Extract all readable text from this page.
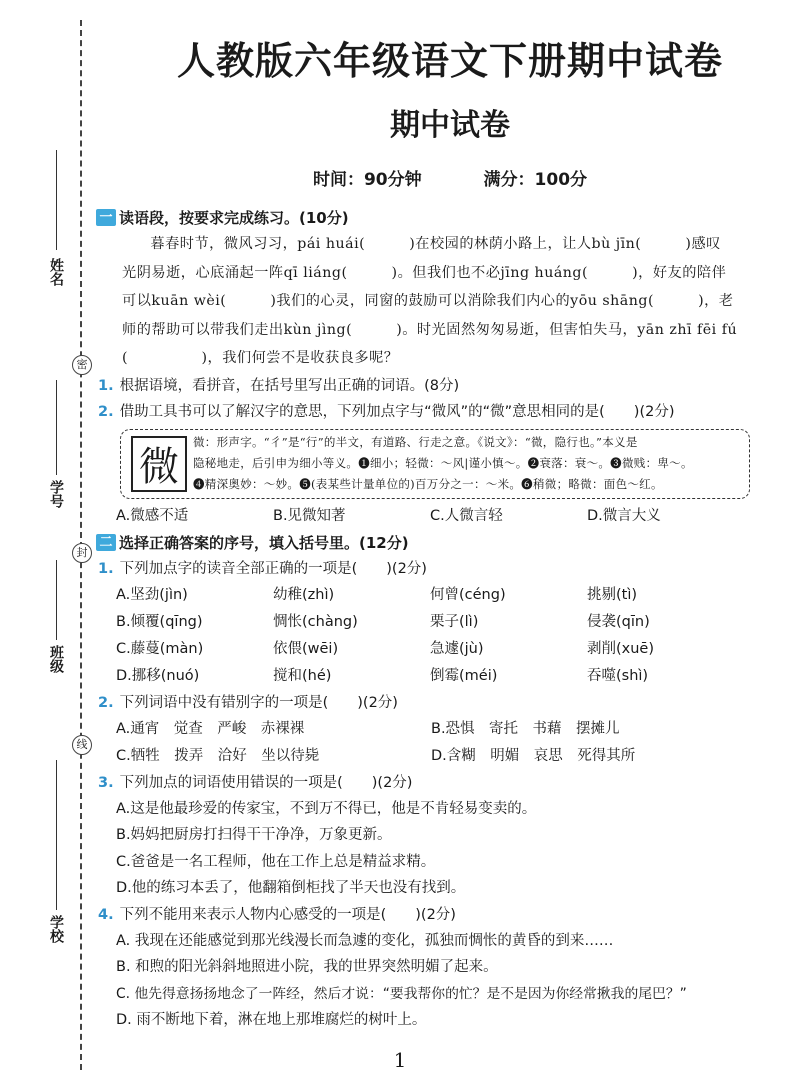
姓名
密
学号
封
班级
线
学校
人教版六年级语文下册期中试卷
期中试卷
时间：90分钟	满分：100分
一 读语段，按要求完成练习。(10分)

暮春时节，微风习习，pái huái(　　　)在校园的林荫小路上，让人bù jīn(　　　)感叹

光阴易逝，心底涌起一阵qī liáng(　　　)。但我们也不必jīng huáng(　　　)，好友的陪伴

可以kuān wèi(　　　)我们的心灵，同窗的鼓励可以消除我们内心的yōu shāng(　　　)，老

师的帮助可以带我们走出kùn jìng(　　　)。时光固然匆匆易逝，但害怕失马，yān zhī fēi fú

(　　　　　)，我们何尝不是收获良多呢？

1. 根据语境，看拼音，在括号里写出正确的词语。(8分)
2. 借助工具书可以了解汉字的意思，下列加点字与“微风”的“微”意思相同的是(　　)(2分)
微
微：形声字。“彳”是“行”的半文，有道路、行走之意。《说文》：“微，隐行也。”本义是
隐秘地走，后引申为细小等义。❶细小；轻微：～风|谨小慎～。❷衰落：衰～。❸微贱：卑～。
❹精深奥妙：～妙。❺(表某些计量单位的)百万分之一：～米。❻稍微；略微：面色～红。
A.微感不适	B.见微知著	C.人微言轻	D.微言大义
二 选择正确答案的序号，填入括号里。(12分)
1. 下列加点字的读音全部正确的一项是(　　)(2分)
A.坚劲(jìn)	幼稚(zhì)	何曾(céng)	挑剔(tì)
B.倾覆(qīng)	惆怅(chàng)	栗子(lì)	侵袭(qīn)
C.藤蔓(màn)	依偎(wēi)	急遽(jù)	剥削(xuē)
D.挪移(nuó)	搅和(hé)	倒霉(méi)	吞噬(shì)
2. 下列词语中没有错别字的一项是(　　)(2分)
A.通宵　觉查　严峻　赤裸裸	B.恐惧　寄托　书藉　摆摊儿
C.牺牲　拨弄　洽好　坐以待毙	D.含糊　明媚　哀思　死得其所
3. 下列加点的词语使用错误的一项是(　　)(2分)
A.这是他最珍爱的传家宝，不到万不得已，他是不肯轻易变卖的。
B.妈妈把厨房打扫得干干净净，万象更新。
C.爸爸是一名工程师，他在工作上总是精益求精。
D.他的练习本丢了，他翻箱倒柜找了半天也没有找到。
4. 下列不能用来表示人物内心感受的一项是(　　)(2分)
A. 我现在还能感觉到那光线漫长而急遽的变化，孤独而惆怅的黄昏的到来……
B. 和煦的阳光斜斜地照进小院，我的世界突然明媚了起来。
C. 他先得意扬扬地念了一阵经，然后才说：“要我帮你的忙？是不是因为你经常揪我的尾巴？”
D. 雨不断地下着，淋在地上那堆腐烂的树叶上。
1
